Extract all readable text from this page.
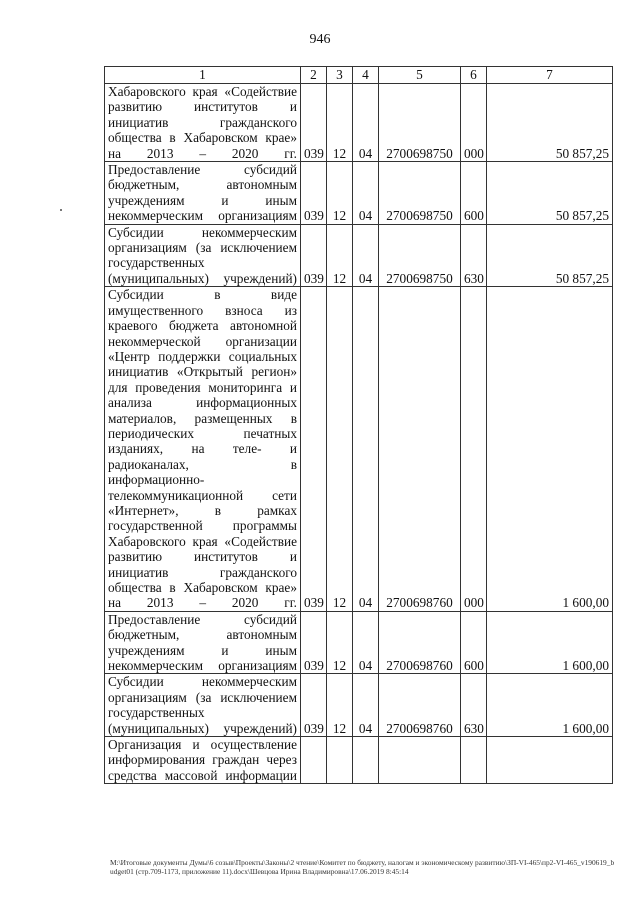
946
1	2	3	4	5	6	7
Хабаровского края «Содействие развитию институтов и инициатив гражданского общества в Хабаровском крае» на 2013 – 2020 гг.	039	12	04	2700698750	000	50 857,25
Предоставление субсидий бюджетным, автономным учреждениям и иным некоммерческим организациям	039	12	04	2700698750	600	50 857,25
Субсидии некоммерческим организациям (за исключением государственных (муниципальных) учреждений)	039	12	04	2700698750	630	50 857,25
Субсидии в виде имущественного взноса из краевого бюджета автономной некоммерческой организации «Центр поддержки социальных инициатив «Открытый регион» для проведения мониторинга и анализа информационных материалов, размещенных в периодических печатных изданиях, на теле- и радиоканалах, в информационно-телекоммуникационной сети «Интернет», в рамках государственной программы Хабаровского края «Содействие развитию институтов и инициатив гражданского общества в Хабаровском крае» на 2013 – 2020 гг.	039	12	04	2700698760	000	1 600,00
Предоставление субсидий бюджетным, автономным учреждениям и иным некоммерческим организациям	039	12	04	2700698760	600	1 600,00
Субсидии некоммерческим организациям (за исключением государственных (муниципальных) учреждений)	039	12	04	2700698760	630	1 600,00
Организация и осуществление информирования граждан через средства массовой информации						
M:\Итоговые документы Думы\6 созыв\Проекты\Законы\2 чтение\Комитет по бюджету, налогам и экономическому развитию\ЗП-VI-465\пр2-VI-465_v190619_budget01 (стр.709-1173, приложение 11).docx\Шевцова Ирина Владимировна\17.06.2019 8:45:14
